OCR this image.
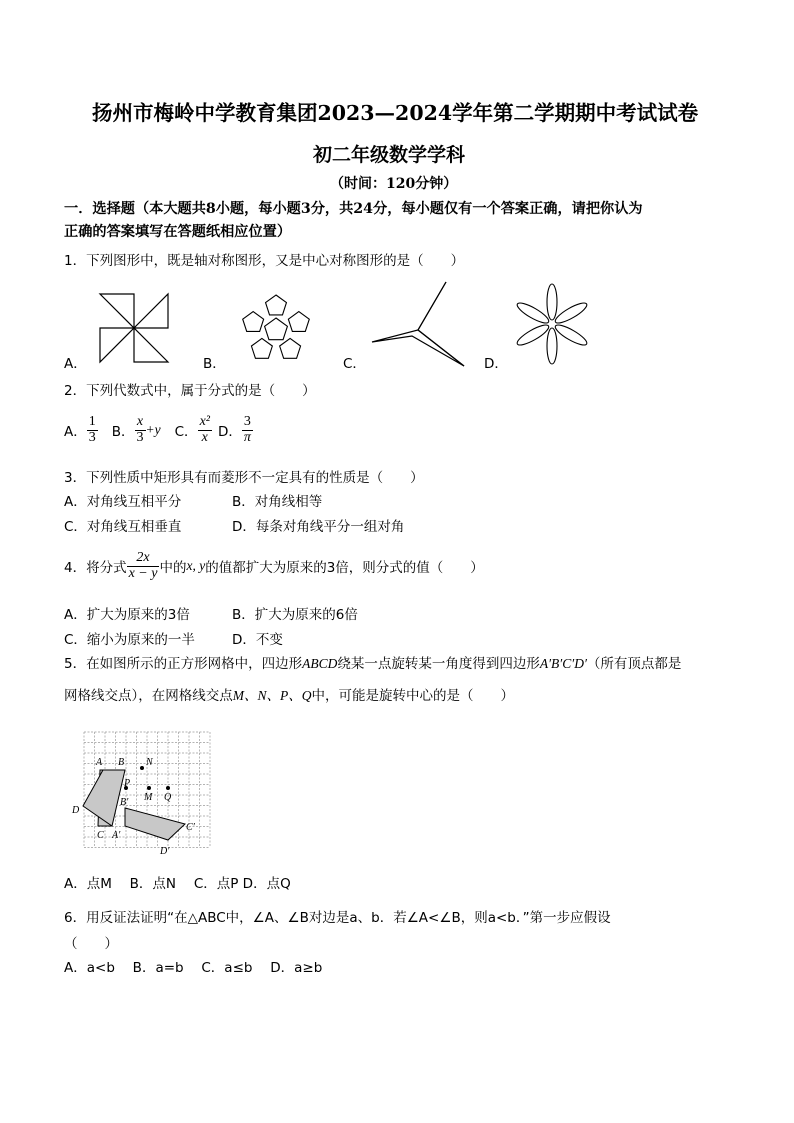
扬州市梅岭中学教育集团2023—2024学年第二学期期中考试试卷
初二年级数学学科
（时间：120分钟）
一．选择题（本大题共8小题，每小题3分，共24分，每小题仅有一个答案正确，请把你认为
正确的答案填写在答题纸相应位置）
1．下列图形中，既是轴对称图形，又是中心对称图形的是（　　）
A．	B．	C．	D．
2．下列代数式中，属于分式的是（　　）
A． $\frac{1}{3}$ B． $\frac{x}{3} +y$ C． $\frac{\text{x²}}{x}$ D． $\frac{3}{\pi}$
3．下列性质中矩形具有而菱形不一定具有的性质是（　　）
A．对角线互相平分	B．对角线相等
C．对角线互相垂直	D．每条对角线平分一组对角
4．将分式 $\frac{2x}{x - y}$ 中的 x, y 的值都扩大为原来的3倍，则分式的值（　　）
A．扩大为原来的3倍	B．扩大为原来的6倍
C．缩小为原来的一半	D．不变
5．在如图所示的正方形网格中，四边形ABCD绕某一点旋转某一角度得到四边形A′B′C′D′（所有顶点都是
网格线交点），在网格线交点M、N、P、Q中，可能是旋转中心的是（　　）
A B N
P
B′ M Q
D
C A′
C′
D′
A．点M　 B．点N　 C．点P D．点Q
6．用反证法证明“在△ABC中，∠A、∠B对边是a、b．若∠A<∠B，则a<b．”第一步应假设
（　　）
A．a<b　 B．a=b　 C．a≤b　 D．a≥b
